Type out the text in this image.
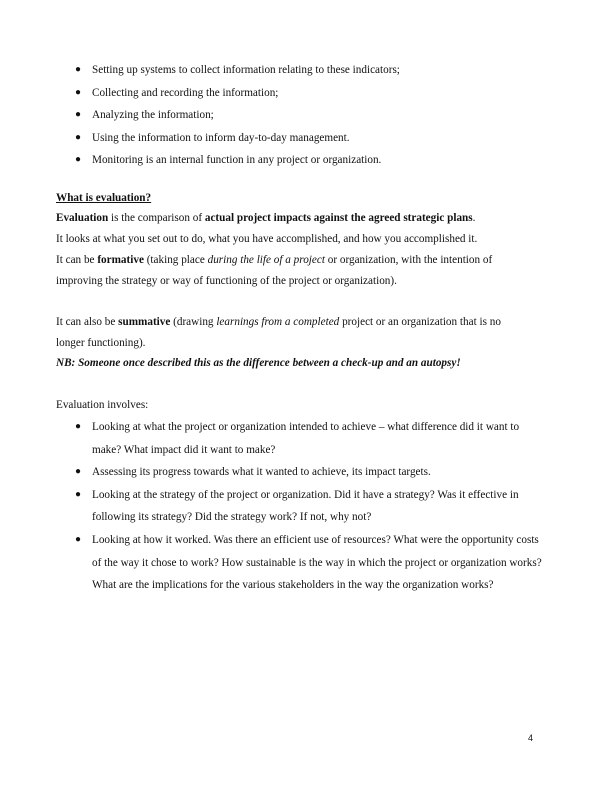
● Setting up systems to collect information relating to these indicators;
● Collecting and recording the information;
● Analyzing the information;
● Using the information to inform day-to-day management.
● Monitoring is an internal function in any project or organization.
What is evaluation?
Evaluation is the comparison of actual project impacts against the agreed strategic plans.
It looks at what you set out to do, what you have accomplished, and how you accomplished it.
It can be formative (taking place during the life of a project or organization, with the intention of
improving the strategy or way of functioning of the project or organization).
It can also be summative (drawing learnings from a completed project or an organization that is no
longer functioning).
NB: Someone once described this as the difference between a check-up and an autopsy!
Evaluation involves:
● Looking at what the project or organization intended to achieve – what difference did it want to make? What impact did it want to make?
● Assessing its progress towards what it wanted to achieve, its impact targets.
● Looking at the strategy of the project or organization. Did it have a strategy? Was it effective in following its strategy? Did the strategy work? If not, why not?
● Looking at how it worked. Was there an efficient use of resources? What were the opportunity costs of the way it chose to work? How sustainable is the way in which the project or organization works? What are the implications for the various stakeholders in the way the organization works?
4
